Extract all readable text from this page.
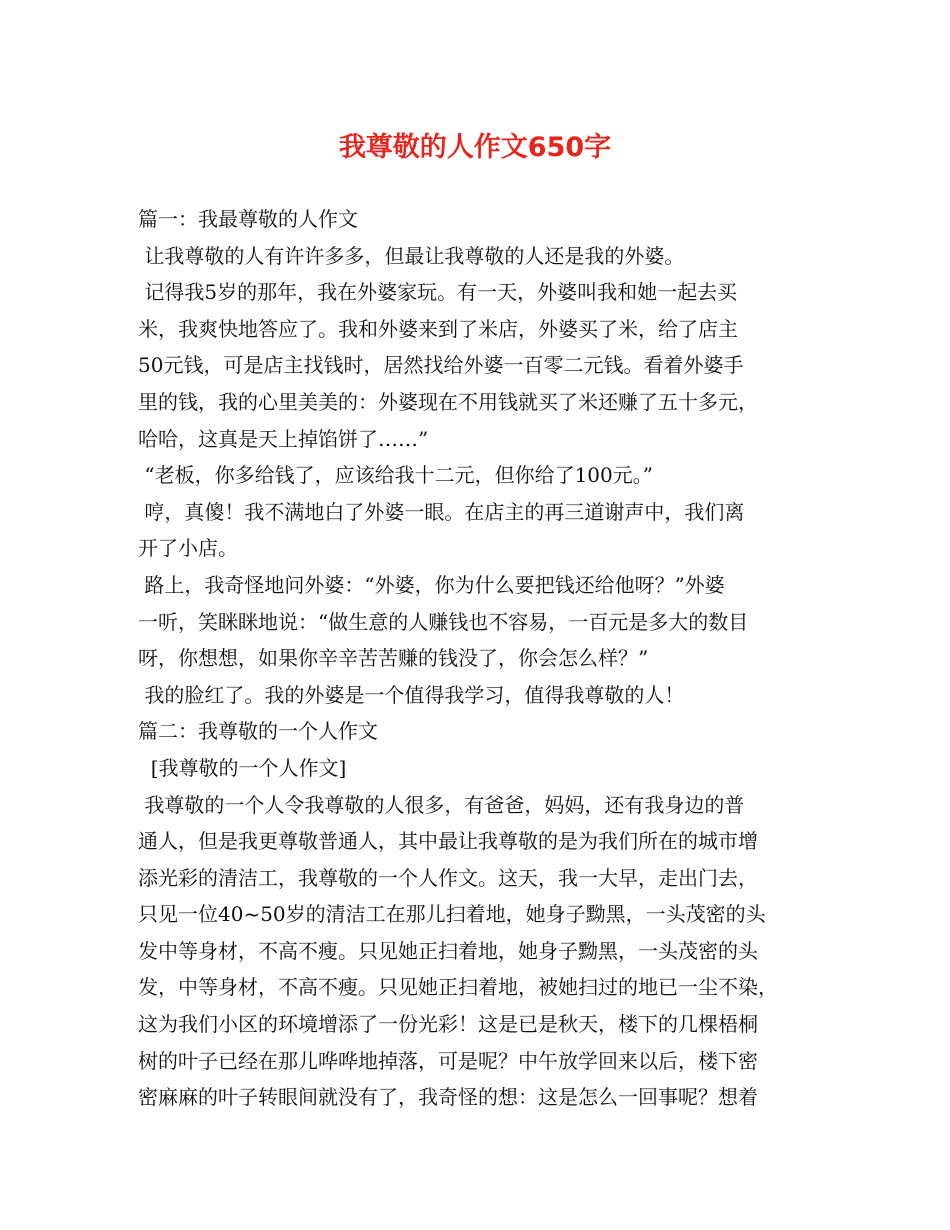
我尊敬的人作文650字
篇一：我最尊敬的人作文
让我尊敬的人有许许多多，但最让我尊敬的人还是我的外婆。
记得我5岁的那年，我在外婆家玩。有一天，外婆叫我和她一起去买
米，我爽快地答应了。我和外婆来到了米店，外婆买了米，给了店主
50元钱，可是店主找钱时，居然找给外婆一百零二元钱。看着外婆手
里的钱，我的心里美美的：外婆现在不用钱就买了米还赚了五十多元，
哈哈，这真是天上掉馅饼了……”
“老板，你多给钱了，应该给我十二元，但你给了100元。”
哼，真傻！我不满地白了外婆一眼。在店主的再三道谢声中，我们离
开了小店。
路上，我奇怪地问外婆：“外婆，你为什么要把钱还给他呀？”外婆
一听，笑眯眯地说：“做生意的人赚钱也不容易，一百元是多大的数目
呀，你想想，如果你辛辛苦苦赚的钱没了，你会怎么样？”
我的脸红了。我的外婆是一个值得我学习，值得我尊敬的人！
篇二：我尊敬的一个人作文
[我尊敬的一个人作文]
我尊敬的一个人令我尊敬的人很多，有爸爸，妈妈，还有我身边的普
通人，但是我更尊敬普通人，其中最让我尊敬的是为我们所在的城市增
添光彩的清洁工，我尊敬的一个人作文。这天，我一大早，走出门去，
只见一位40~50岁的清洁工在那儿扫着地，她身子黝黑，一头茂密的头
发中等身材，不高不瘦。只见她正扫着地，她身子黝黑，一头茂密的头
发，中等身材，不高不瘦。只见她正扫着地，被她扫过的地已一尘不染，
这为我们小区的环境增添了一份光彩！这是已是秋天，楼下的几棵梧桐
树的叶子已经在那儿哗哗地掉落，可是呢？中午放学回来以后，楼下密
密麻麻的叶子转眼间就没有了，我奇怪的想：这是怎么一回事呢？想着
